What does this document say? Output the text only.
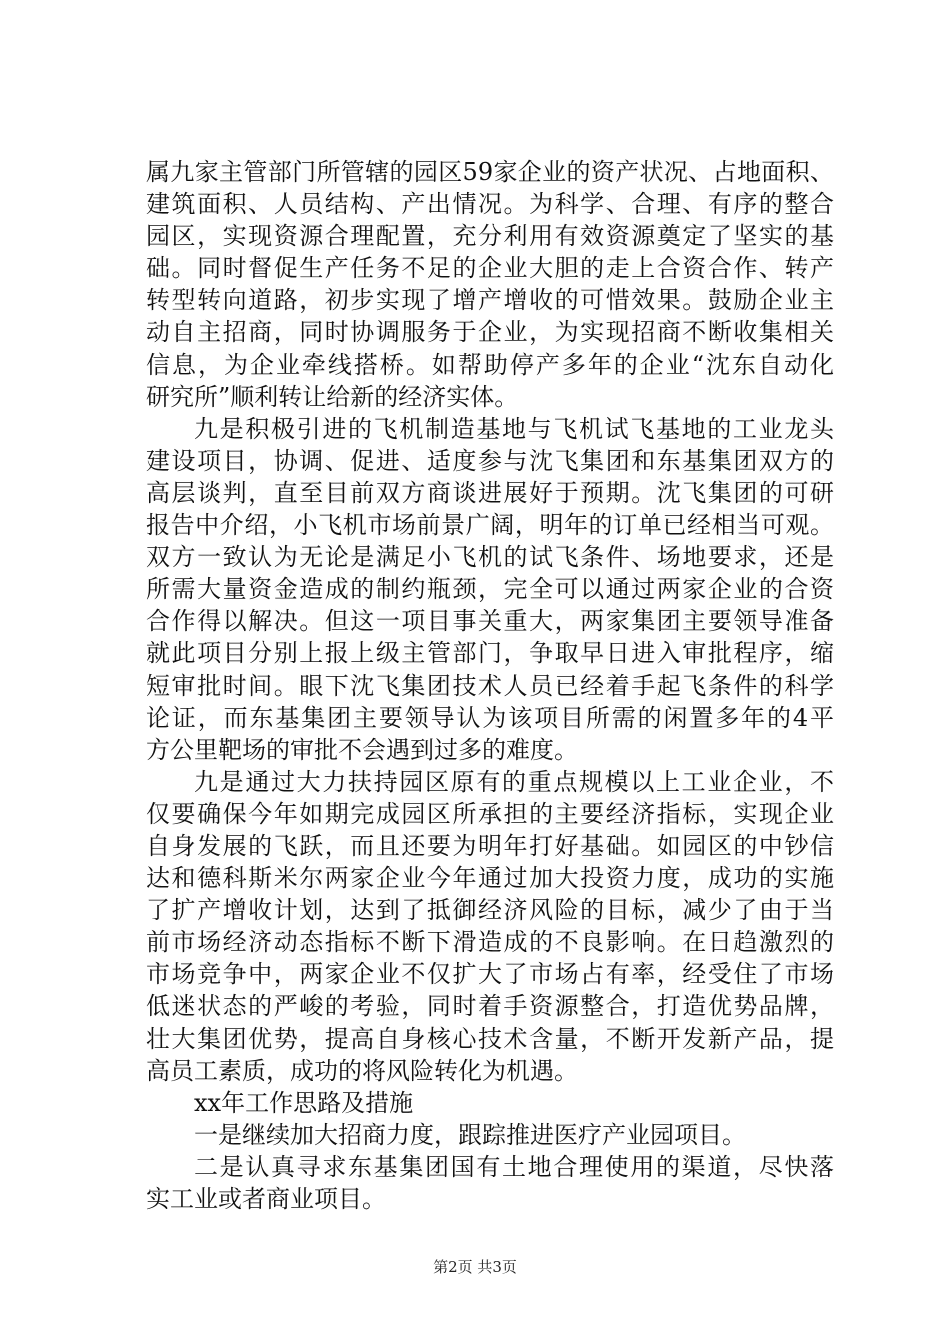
属九家主管部门所管辖的园区59家企业的资产状况、占地面积、
建筑面积、人员结构、产出情况。为科学、合理、有序的整合
园区，实现资源合理配置，充分利用有效资源奠定了坚实的基
础。同时督促生产任务不足的企业大胆的走上合资合作、转产
转型转向道路，初步实现了增产增收的可惜效果。鼓励企业主
动自主招商，同时协调服务于企业，为实现招商不断收集相关
信息，为企业牵线搭桥。如帮助停产多年的企业“沈东自动化
研究所”顺利转让给新的经济实体。
九是积极引进的飞机制造基地与飞机试飞基地的工业龙头
建设项目，协调、促进、适度参与沈飞集团和东基集团双方的
高层谈判，直至目前双方商谈进展好于预期。沈飞集团的可研
报告中介绍，小飞机市场前景广阔，明年的订单已经相当可观。
双方一致认为无论是满足小飞机的试飞条件、场地要求，还是
所需大量资金造成的制约瓶颈，完全可以通过两家企业的合资
合作得以解决。但这一项目事关重大，两家集团主要领导准备
就此项目分别上报上级主管部门，争取早日进入审批程序，缩
短审批时间。眼下沈飞集团技术人员已经着手起飞条件的科学
论证，而东基集团主要领导认为该项目所需的闲置多年的4平
方公里靶场的审批不会遇到过多的难度。
九是通过大力扶持园区原有的重点规模以上工业企业，不
仅要确保今年如期完成园区所承担的主要经济指标，实现企业
自身发展的飞跃，而且还要为明年打好基础。如园区的中钞信
达和德科斯米尔两家企业今年通过加大投资力度，成功的实施
了扩产增收计划，达到了抵御经济风险的目标，减少了由于当
前市场经济动态指标不断下滑造成的不良影响。在日趋激烈的
市场竞争中，两家企业不仅扩大了市场占有率，经受住了市场
低迷状态的严峻的考验，同时着手资源整合，打造优势品牌，
壮大集团优势，提高自身核心技术含量，不断开发新产品，提
高员工素质，成功的将风险转化为机遇。
xx年工作思路及措施
一是继续加大招商力度，跟踪推进医疗产业园项目。
二是认真寻求东基集团国有土地合理使用的渠道，尽快落
实工业或者商业项目。
第2页 共3页
